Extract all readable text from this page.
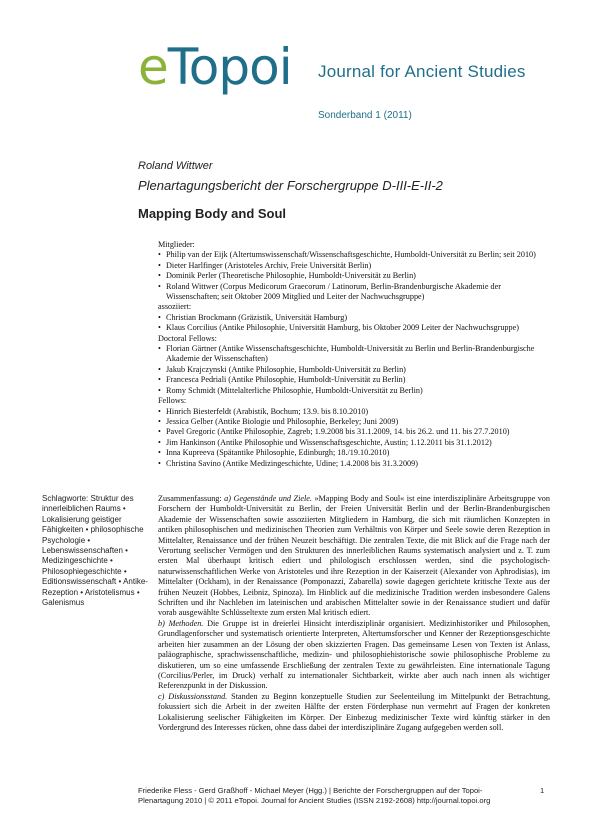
eTopoi Journal for Ancient Studies
Sonderband 1 (2011)
Roland Wittwer
Plenartagungsbericht der Forschergruppe D-III-E-II-2
Mapping Body and Soul
Mitglieder:
• Philip van der Eijk (Altertumswissenschaft/Wissenschaftsgeschichte, Humboldt-Universität zu Berlin; seit 2010)
• Dieter Harlfinger (Aristoteles Archiv, Freie Universität Berlin)
• Dominik Perler (Theoretische Philosophie, Humboldt-Universität zu Berlin)
• Roland Wittwer (Corpus Medicorum Graecorum / Latinorum, Berlin-Brandenburgische Akademie der Wissenschaften; seit Oktober 2009 Mitglied und Leiter der Nachwuchsgruppe)
assoziiert:
• Christian Brockmann (Gräzistik, Universität Hamburg)
• Klaus Corcilius (Antike Philosophie, Universität Hamburg, bis Oktober 2009 Leiter der Nachwuchsgruppe)
Doctoral Fellows:
• Florian Gärtner (Antike Wissenschaftsgeschichte, Humboldt-Universität zu Berlin und Berlin-Brandenburgische Akademie der Wissenschaften)
• Jakub Krajczynski (Antike Philosophie, Humboldt-Universität zu Berlin)
• Francesca Pedriali (Antike Philosophie, Humboldt-Universität zu Berlin)
• Romy Schmidt (Mittelalterliche Philosophie, Humboldt-Universität zu Berlin)
Fellows:
• Hinrich Biesterfeldt (Arabistik, Bochum; 13.9. bis 8.10.2010)
• Jessica Gelber (Antike Biologie und Philosophie, Berkeley; Juni 2009)
• Pavel Gregoric (Antike Philosophie, Zagreb; 1.9.2008 bis 31.1.2009, 14. bis 26.2. und 11. bis 27.7.2010)
• Jim Hankinson (Antike Philosophie und Wissenschaftsgeschichte, Austin; 1.12.2011 bis 31.1.2012)
• Inna Kupreeva (Spätantike Philosophie, Edinburgh; 18./19.10.2010)
• Christina Savino (Antike Medizingeschichte, Udine; 1.4.2008 bis 31.3.2009)
Schlagworte: Struktur des innerleiblichen Raums • Lokalisierung geistiger Fähigkeiten • philosophische Psychologie • Lebenswissenschaften • Medizingeschichte • Philosophiegeschichte • Editionswissenschaft • Antike-Rezeption • Aristotelismus • Galenismus

Zusammenfassung: a) Gegenstände und Ziele. »Mapping Body and Soul« ist eine interdisziplinäre Arbeitsgruppe von Forschern der Humboldt-Universität zu Berlin, der Freien Universität Berlin und der Berlin-Brandenburgischen Akademie der Wissenschaften sowie assoziierten Mitgliedern in Hamburg, die sich mit räumlichen Konzepten in antiken philosophischen und medizinischen Theorien zum Verhältnis von Körper und Seele sowie deren Rezeption in Mittelalter, Renaissance und der frühen Neuzeit beschäftigt. Die zentralen Texte, die mit Blick auf die Frage nach der Verortung seelischer Vermögen und den Strukturen des innerleiblichen Raums systematisch analysiert und z. T. zum ersten Mal überhaupt kritisch ediert und philologisch erschlossen werden, sind die psychologisch-naturwissenschaftlichen Werke von Aristoteles und ihre Rezeption in der Kaiserzeit (Alexander von Aphrodisias), im Mittelalter (Ockham), in der Renaissance (Pomponazzi, Zabarella) sowie dagegen gerichtete kritische Texte aus der frühen Neuzeit (Hobbes, Leibniz, Spinoza). Im Hinblick auf die medizinische Tradition werden insbesondere Galens Schriften und ihr Nachleben im lateinischen und arabischen Mittelalter sowie in der Renaissance studiert und dafür vorab ausgewählte Schlüsseltexte zum ersten Mal kritisch ediert.

b) Methoden. Die Gruppe ist in dreierlei Hinsicht interdisziplinär organisiert. Medizinhistoriker und Philosophen, Grundlagenforscher und systematisch orientierte Interpreten, Altertumsforscher und Kenner der Rezeptionsgeschichte arbeiten hier zusammen an der Lösung der oben skizzierten Fragen. Das gemeinsame Lesen von Texten ist Anlass, paläographische, sprachwissenschaftliche, medizin- und philosophiehistorische sowie philosophische Probleme zu diskutieren, um so eine umfassende Erschließung der zentralen Texte zu gewährleisten. Eine internationale Tagung (Corcilius/Perler, im Druck) verhalf zu internationaler Sichtbarkeit, wirkte aber auch nach innen als wichtiger Referenzpunkt in der Diskussion.

c) Diskussionsstand. Standen zu Beginn konzeptuelle Studien zur Seelenteilung im Mittelpunkt der Betrachtung, fokussiert sich die Arbeit in der zweiten Hälfte der ersten Förderphase nun vermehrt auf Fragen der konkreten Lokalisierung seelischer Fähigkeiten im Körper. Der Einbezug medizinischer Texte wird künftig stärker in den Vordergrund des Interesses rücken, ohne dass dabei der interdisziplinäre Zugang aufgegeben werden soll.

Friederike Fless - Gerd Graßhoff - Michael Meyer (Hgg.) | Berichte der Forschergruppen auf der Topoi-
Plenartagung 2010 | © 2011 eTopoi. Journal for Ancient Studies (ISSN 2192-2608) http://journal.topoi.org
1
